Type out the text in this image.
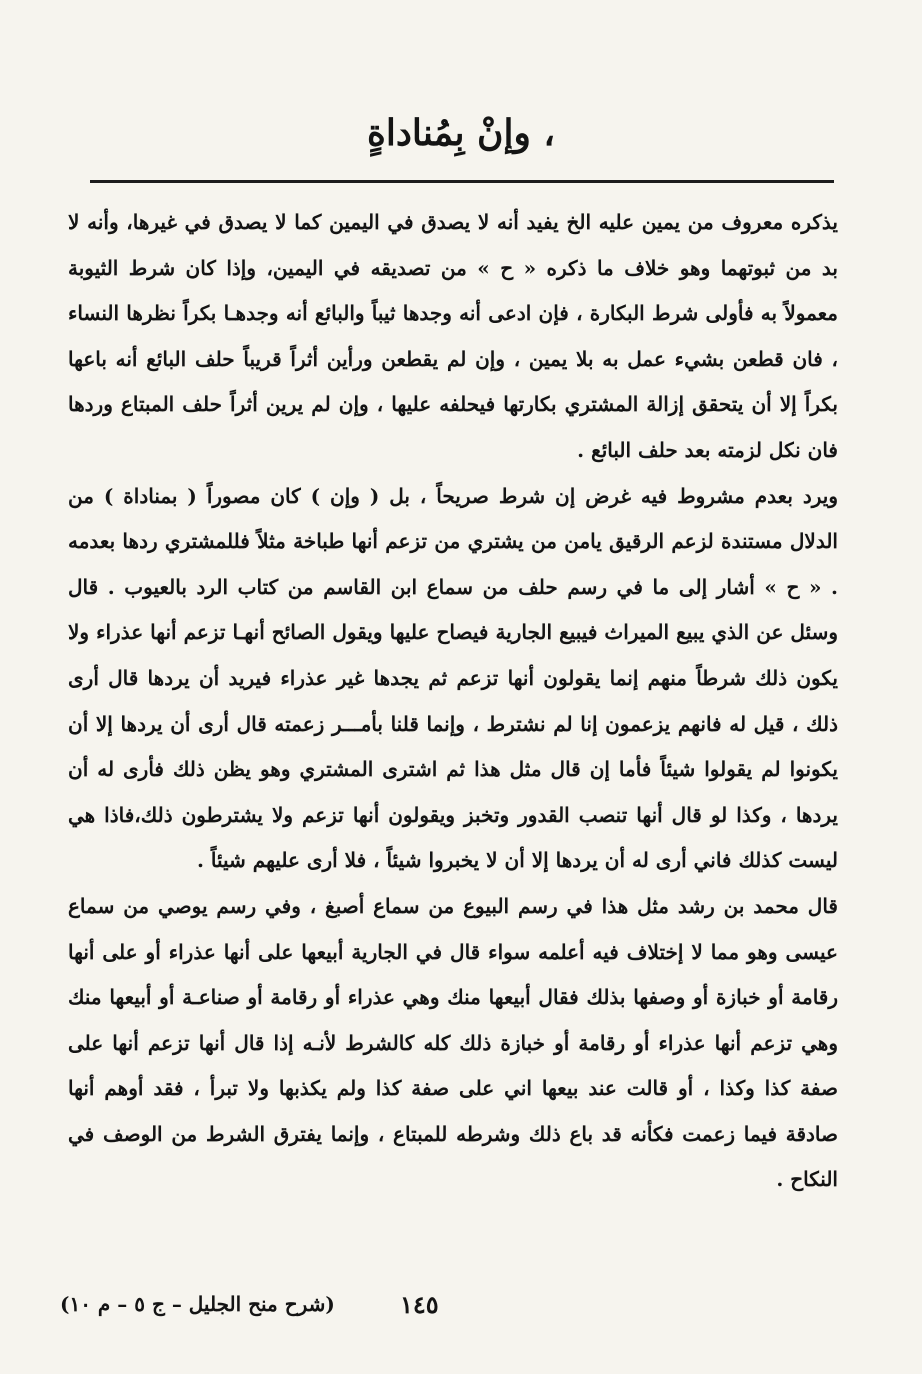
وإنْ بِمُناداةٍ ،

يذكره معروف من يمين عليه الخ يفيد أنه لا يصدق في اليمين كما لا يصدق في غيرها، وأنه لا بد من ثبوتهما وهو خلاف ما ذكره « ح » من تصديقه في اليمين، وإذا كان شرط الثيوبة معمولاً به فأولى شرط البكارة ، فإن ادعى أنه وجدها ثيباً والبائع أنه وجدهـا بكراً نظرها النساء ، فان قطعن بشيء عمل به بلا يمين ، وإن لم يقطعن ورأين أثراً قريباً حلف البائع أنه باعها بكراً إلا أن يتحقق إزالة المشتري بكارتها فيحلفه عليها ، وإن لم يرين أثراً حلف المبتاع وردها فان نكل لزمته بعد حلف البائع .

ويرد بعدم مشروط فيه غرض إن شرط صريحاً ، بل ( وإن ) كان مصوراً ( بمناداة ) من الدلال مستندة لزعم الرقيق يامن من يشتري من تزعم أنها طباخة مثلاً فللمشتري ردها بعدمه . « ح » أشار إلى ما في رسم حلف من سماع ابن القاسم من كتاب الرد بالعيوب . قال وسئل عن الذي يبيع الميراث فيبيع الجارية فيصاح عليها ويقول الصائح أنهـا تزعم أنها عذراء ولا يكون ذلك شرطاً منهم إنما يقولون أنها تزعم ثم يجدها غير عذراء فيريد أن يردها قال أرى ذلك ، قيل له فانهم يزعمون إنا لم نشترط ، وإنما قلنا بأمـــر زعمته قال أرى أن يردها إلا أن يكونوا لم يقولوا شيئاً فأما إن قال مثل هذا ثم اشترى المشتري وهو يظن ذلك فأرى له أن يردها ، وكذا لو قال أنها تنصب القدور وتخبز ويقولون أنها تزعم ولا يشترطون ذلك،فاذا هي ليست كذلك فاني أرى له أن يردها إلا أن لا يخبروا شيئاً ، فلا أرى عليهم شيئاً .

قال محمد بن رشد مثل هذا في رسم البيوع من سماع أصبغ ، وفي رسم يوصي من سماع عيسى وهو مما لا إختلاف فيه أعلمه سواء قال في الجارية أبيعها على أنها عذراء أو على أنها رقامة أو خبازة أو وصفها بذلك فقال أبيعها منك وهي عذراء أو رقامة أو صناعـة أو أبيعها منك وهي تزعم أنها عذراء أو رقامة أو خبازة ذلك كله كالشرط لأنـه إذا قال أنها تزعم أنها على صفة كذا وكذا ، أو قالت عند بيعها اني على صفة كذا ولم يكذبها ولا تبرأ ، فقد أوهم أنها صادقة فيما زعمت فكأنه قد باع ذلك وشرطه للمبتاع ، وإنما يفترق الشرط من الوصف في النكاح .

(شرح منح الجليل – ج ٥ – م ١٠)	١٤٥
